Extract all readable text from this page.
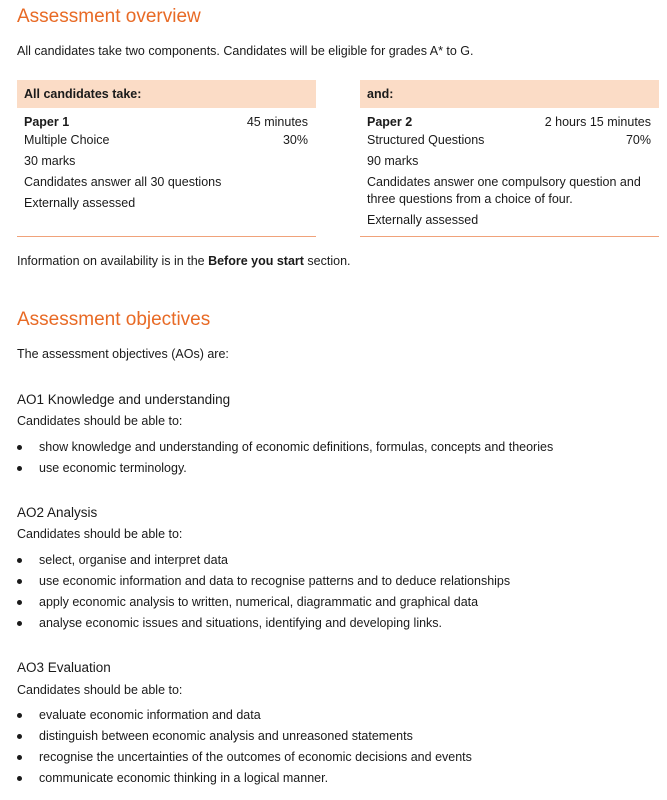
Assessment overview

All candidates take two components. Candidates will be eligible for grades A* to G.

All candidates take:
Paper 1	45 minutes
Multiple Choice	30%
30 marks
Candidates answer all 30 questions
Externally assessed
and:
Paper 2	2 hours 15 minutes
Structured Questions	70%
90 marks
Candidates answer one compulsory question and three questions from a choice of four.
Externally assessed

Information on availability is in the Before you start section.

Assessment objectives

The assessment objectives (AOs) are:

AO1 Knowledge and understanding

Candidates should be able to:

show knowledge and understanding of economic definitions, formulas, concepts and theories
use economic terminology.

AO2 Analysis

Candidates should be able to:

select, organise and interpret data
use economic information and data to recognise patterns and to deduce relationships
apply economic analysis to written, numerical, diagrammatic and graphical data
analyse economic issues and situations, identifying and developing links.

AO3 Evaluation

Candidates should be able to:

evaluate economic information and data
distinguish between economic analysis and unreasoned statements
recognise the uncertainties of the outcomes of economic decisions and events
communicate economic thinking in a logical manner.
